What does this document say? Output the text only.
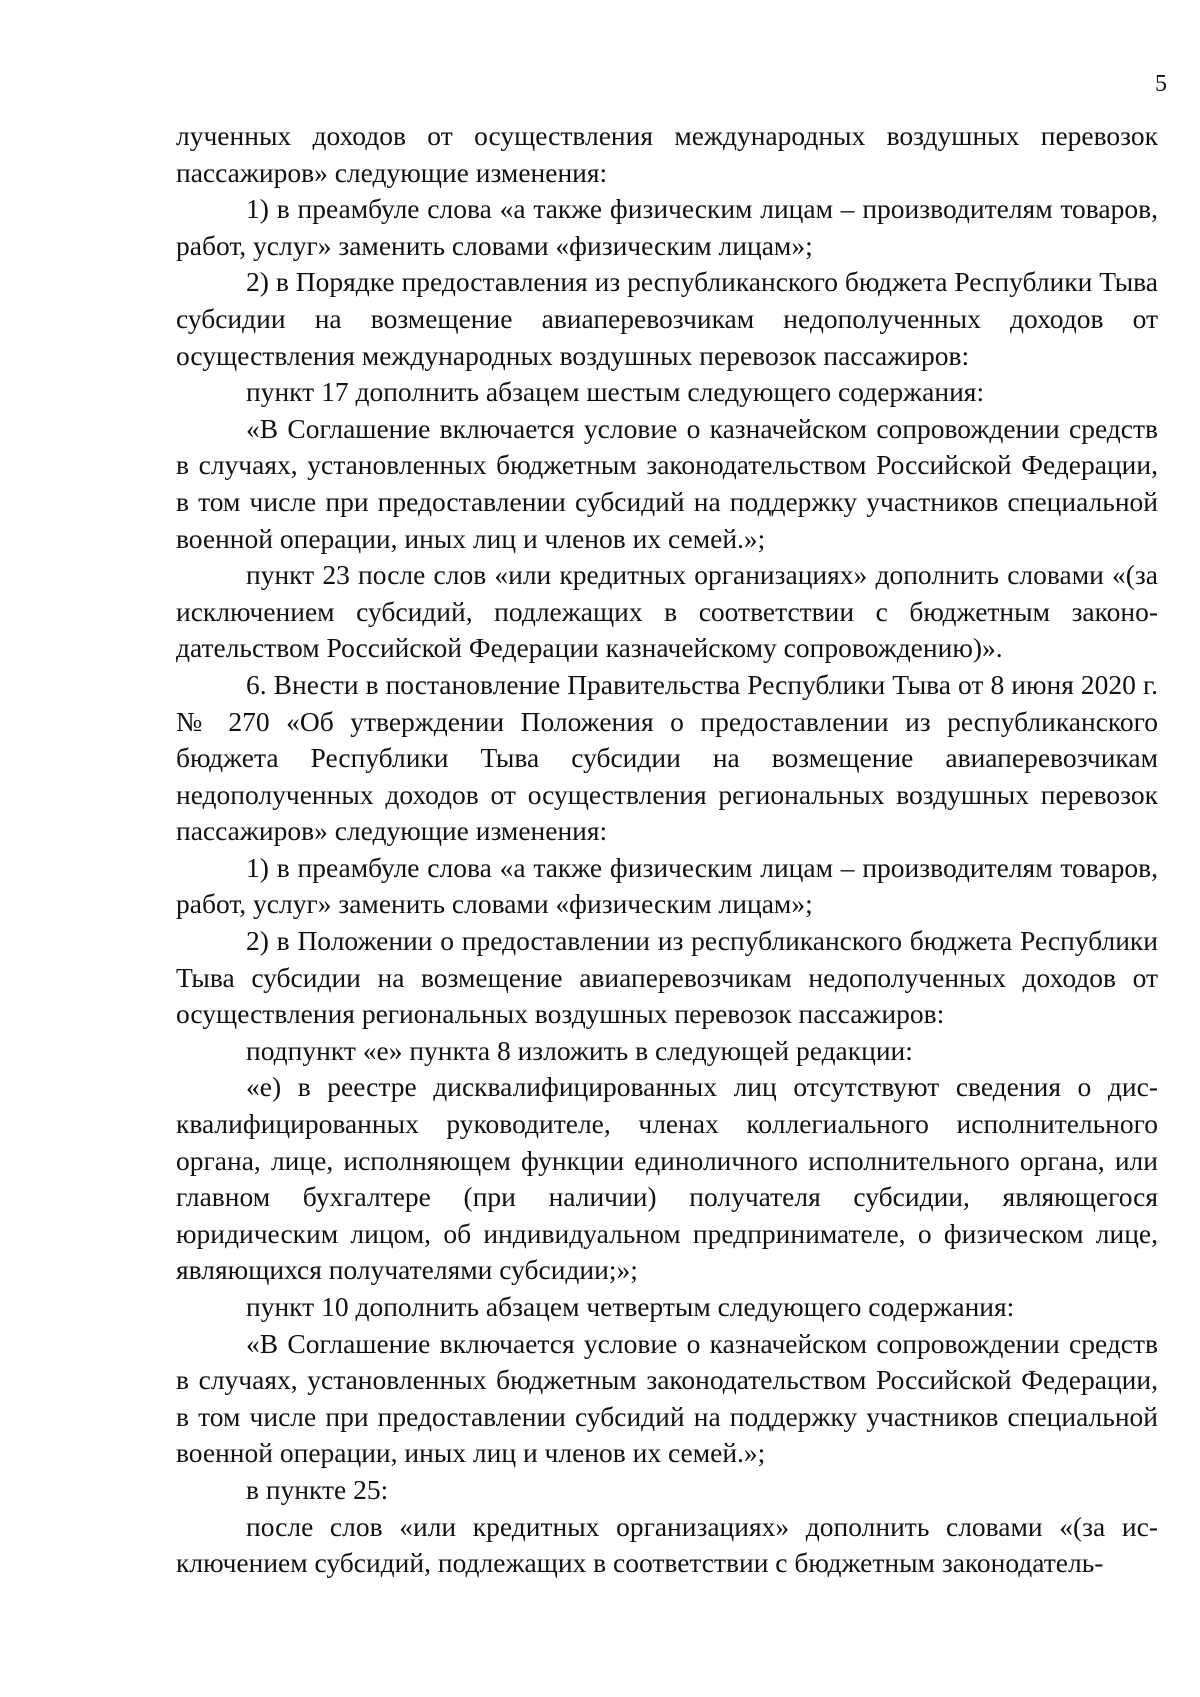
5

лученных доходов от осуществления международных воздушных перевозок пассажиров» следующие изменения:

1) в преамбуле слова «а также физическим лицам – производителям товаров, работ, услуг» заменить словами «физическим лицам»;

2) в Порядке предоставления из республиканского бюджета Республики Тыва субсидии на возмещение авиаперевозчикам недополученных доходов от осуществления международных воздушных перевозок пассажиров:

пункт 17 дополнить абзацем шестым следующего содержания:

«В Соглашение включается условие о казначейском сопровождении средств в случаях, установленных бюджетным законодательством Российской Федерации, в том числе при предоставлении субсидий на поддержку участников специальной военной операции, иных лиц и членов их семей.»;

пункт 23 после слов «или кредитных организациях» дополнить словами «(за исключением субсидий, подлежащих в соответствии с бюджетным законодательством Российской Федерации казначейскому сопровождению)».

6. Внести в постановление Правительства Республики Тыва от 8 июня 2020 г. № 270 «Об утверждении Положения о предоставлении из республиканского бюджета Республики Тыва субсидии на возмещение авиаперевозчикам недополученных доходов от осуществления региональных воздушных перевозок пассажиров» следующие изменения:

1) в преамбуле слова «а также физическим лицам – производителям товаров, работ, услуг» заменить словами «физическим лицам»;

2) в Положении о предоставлении из республиканского бюджета Республики Тыва субсидии на возмещение авиаперевозчикам недополученных доходов от осуществления региональных воздушных перевозок пассажиров:

подпункт «е» пункта 8 изложить в следующей редакции:

«е) в реестре дисквалифицированных лиц отсутствуют сведения о дисквалифицированных руководителе, членах коллегиального исполнительного органа, лице, исполняющем функции единоличного исполнительного органа, или главном бухгалтере (при наличии) получателя субсидии, являющегося юридическим лицом, об индивидуальном предпринимателе, о физическом лице, являющихся получателями субсидии;»;

пункт 10 дополнить абзацем четвертым следующего содержания:

«В Соглашение включается условие о казначейском сопровождении средств в случаях, установленных бюджетным законодательством Российской Федерации, в том числе при предоставлении субсидий на поддержку участников специальной военной операции, иных лиц и членов их семей.»;

в пункте 25:

после слов «или кредитных организациях» дополнить словами «(за исключением субсидий, подлежащих в соответствии с бюджетным законодатель-
